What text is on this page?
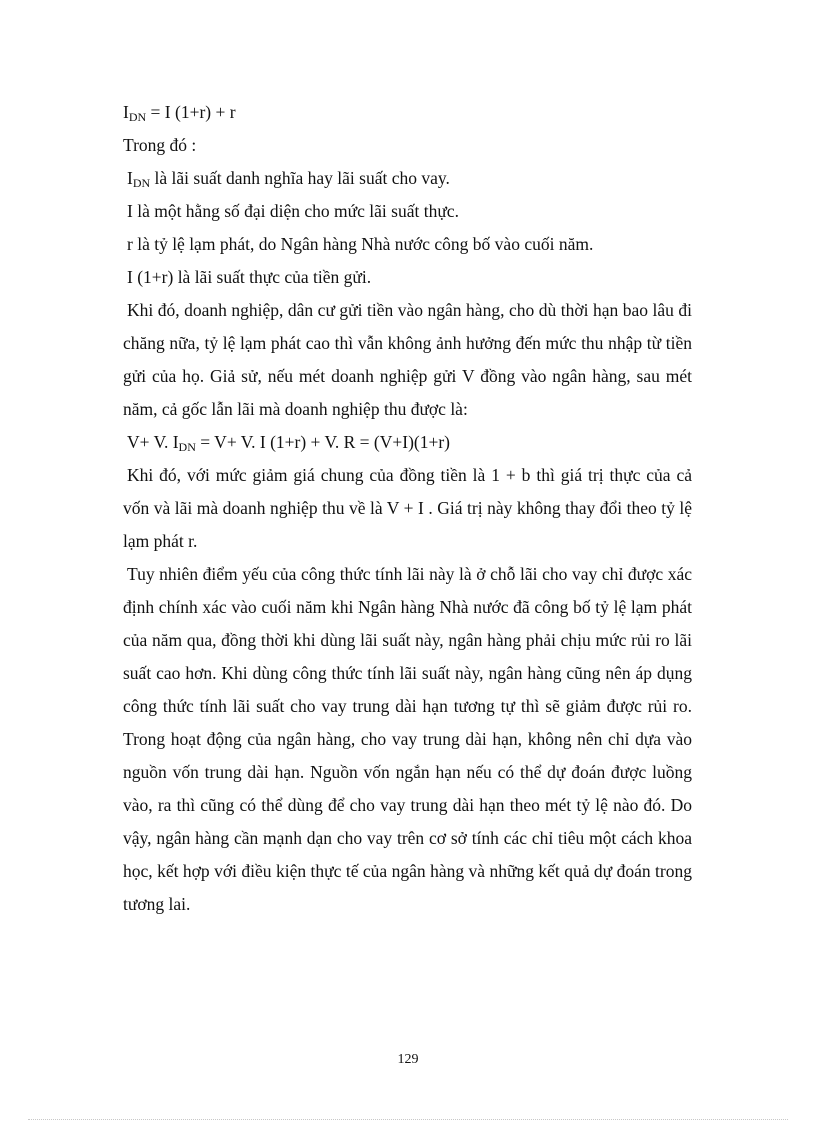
$I_{DN} = I$ (1+r) + r

Trong đó :

$I_{DN}$ là lãi suất danh nghĩa hay lãi suất cho vay.

I là một hằng số đại diện cho mức lãi suất thực.

r là tỷ lệ lạm phát, do Ngân hàng Nhà nước công bố vào cuối năm.

I (1+r) là lãi suất thực của tiền gửi.

Khi đó, doanh nghiệp, dân cư gửi tiền vào ngân hàng, cho dù thời hạn bao lâu đi chăng nữa, tỷ lệ lạm phát cao thì vẫn không ảnh hưởng đến mức thu nhập từ tiền gửi của họ. Giả sử, nếu mét doanh nghiệp gửi V đồng vào ngân hàng, sau mét năm, cả gốc lẫn lãi mà doanh nghiệp thu được là:

V+ V. $I_{DN} = V+ V$. I (1+r) + V. R = (V+I)(1+r)

Khi đó, với mức giảm giá chung của đồng tiền là 1 + b thì giá trị thực của cả vốn và lãi mà doanh nghiệp thu về là V + I . Giá trị này không thay đổi theo tỷ lệ lạm phát r.

Tuy nhiên điểm yếu của công thức tính lãi này là ở chỗ lãi cho vay chỉ được xác định chính xác vào cuối năm khi Ngân hàng Nhà nước đã công bố tỷ lệ lạm phát của năm qua, đồng thời khi dùng lãi suất này, ngân hàng phải chịu mức rủi ro lãi suất cao hơn. Khi dùng công thức tính lãi suất này, ngân hàng cũng nên áp dụng công thức tính lãi suất cho vay trung dài hạn tương tự thì sẽ giảm được rủi ro. Trong hoạt động của ngân hàng, cho vay trung dài hạn, không nên chỉ dựa vào nguồn vốn trung dài hạn. Nguồn vốn ngắn hạn nếu có thể dự đoán được luồng vào, ra thì cũng có thể dùng để cho vay trung dài hạn theo mét tỷ lệ nào đó. Do vậy, ngân hàng cần mạnh dạn cho vay trên cơ sở tính các chỉ tiêu một cách khoa học, kết hợp với điều kiện thực tế của ngân hàng và những kết quả dự đoán trong tương lai.

129
